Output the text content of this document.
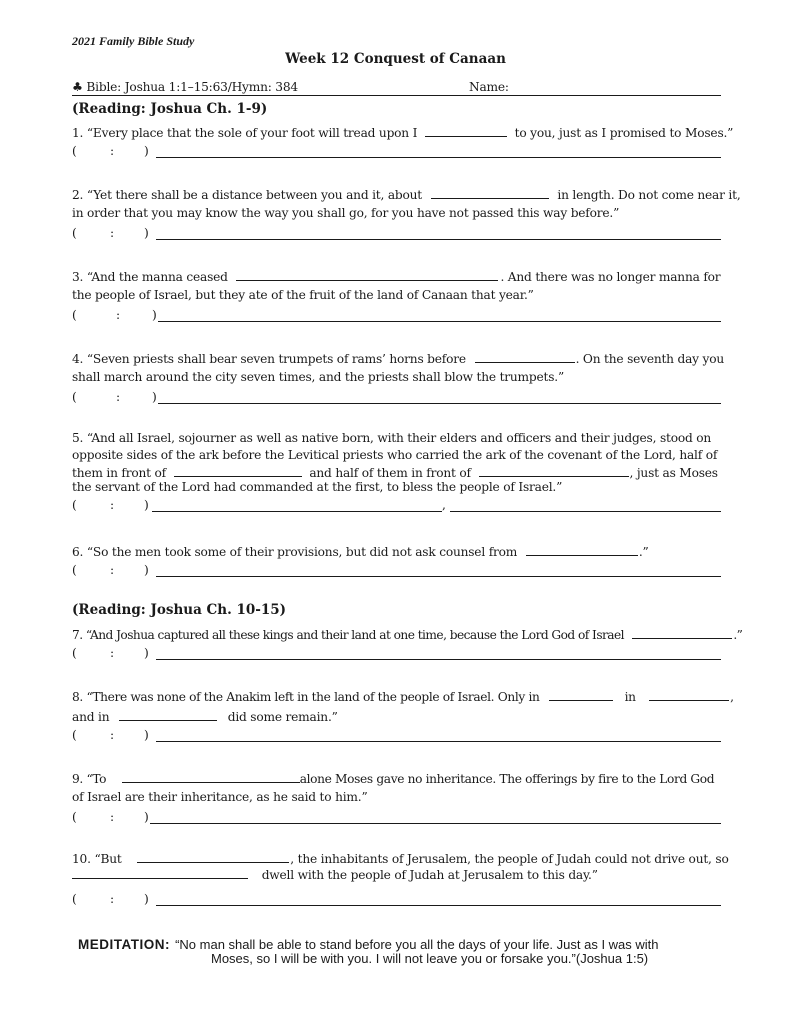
2021 Family Bible Study
Week 12 Conquest of Canaan
♣ Bible: Joshua 1:1–15:63/Hymn: 384	Name:
(Reading: Joshua Ch. 1-9)
1. “Every place that the sole of your foot will tread upon I	to you, just as I promised to Moses.”
2. “Yet there shall be a distance between you and it, about	in length. Do not come near it,
in order that you may know the way you shall go, for you have not passed this way before.”
3. “And the manna ceased	. And there was no longer manna for
the people of Israel, but they ate of the fruit of the land of Canaan that year.”
4. “Seven priests shall bear seven trumpets of rams’ horns before	. On the seventh day you
shall march around the city seven times, and the priests shall blow the trumpets.”
5. “And all Israel, sojourner as well as native born, with their elders and officers and their judges, stood on
opposite sides of the ark before the Levitical priests who carried the ark of the covenant of the Lord, half of
them in front of	and half of them in front of	, just as Moses
the servant of the Lord had commanded at the first, to bless the people of Israel.”
6. “So the men took some of their provisions, but did not ask counsel from	.”
(Reading: Joshua Ch. 10-15)
7. “And Joshua captured all these kings and their land at one time, because the Lord God of Israel	.”
8. “There was none of the Anakim left in the land of the people of Israel. Only in	in	,
and in	did some remain.”
9. “To	alone Moses gave no inheritance. The offerings by fire to the Lord God
of Israel are their inheritance, as he said to him.”
10. “But	, the inhabitants of Jerusalem, the people of Judah could not drive out, so
dwell with the people of Judah at Jerusalem to this day.”
(	: )
(	: )
(	:	)
(	:	)
(	: )	,
(	: )
(	: )
(	: )
(	: )
(	: )
MEDITATION: “No man shall be able to stand before you all the days of your life. Just as I was with
Moses, so I will be with you. I will not leave you or forsake you.”(Joshua 1:5)
